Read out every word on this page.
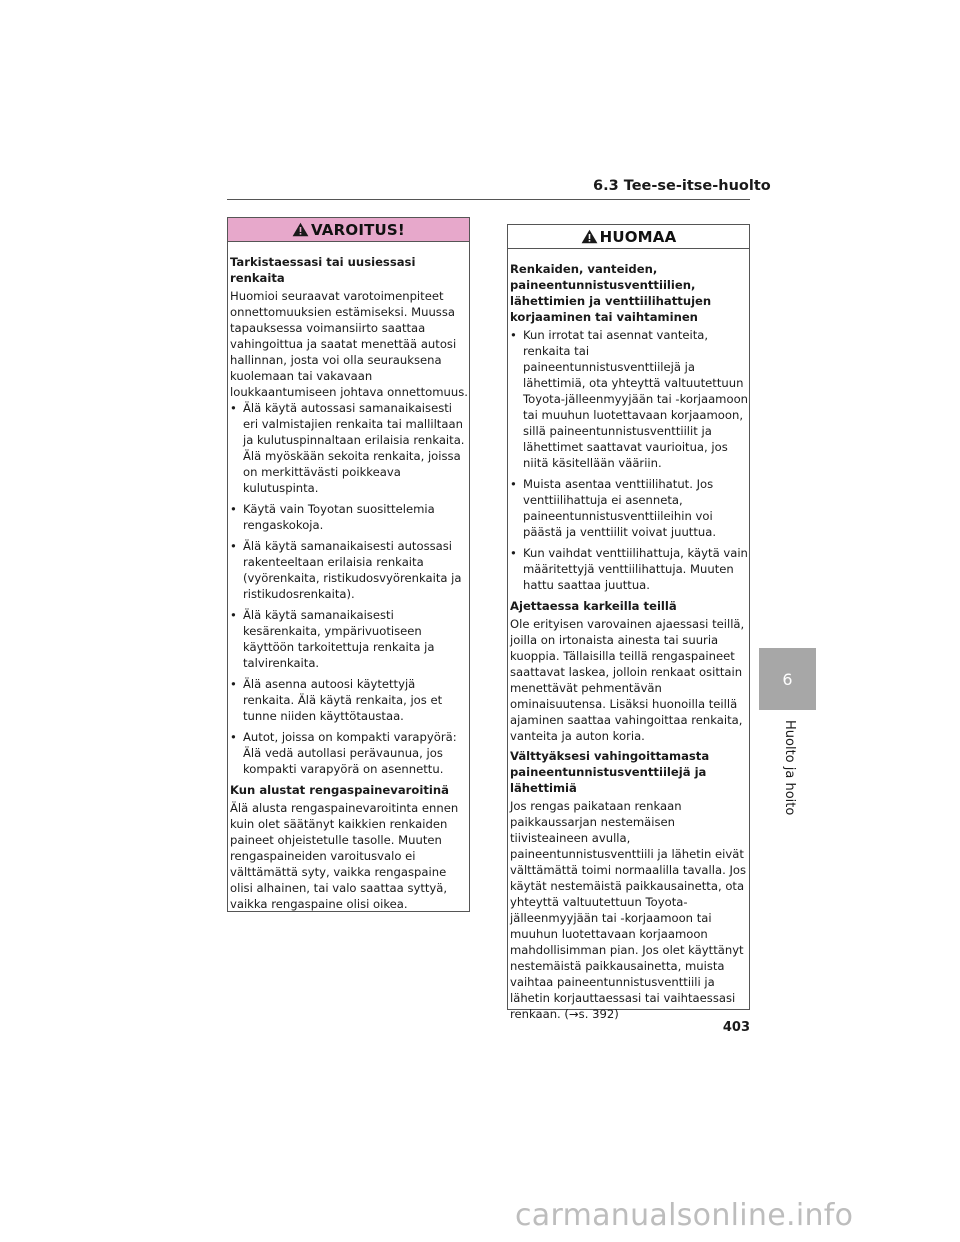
6.3 Tee-se-itse-huolto
VAROITUS!
Tarkistaessasi tai uusiessasi renkaita
Huomioi seuraavat varotoimenpiteet onnettomuuksien estämiseksi. Muussa tapauksessa voimansiirto saattaa vahingoittua ja saatat menettää autosi hallinnan, josta voi olla seurauksena kuolemaan tai vakavaan loukkaantumiseen johtava onnettomuus.
• Älä käytä autossasi samanaikaisesti eri valmistajien renkaita tai malliltaan ja kulutuspinnaltaan erilaisia renkaita. Älä myöskään sekoita renkaita, joissa on merkittävästi poikkeava kulutuspinta.
• Käytä vain Toyotan suosittelemia rengaskokoja.
• Älä käytä samanaikaisesti autossasi rakenteeltaan erilaisia renkaita (vyörenkaita, ristikudosvyörenkaita ja ristikudosrenkaita).
• Älä käytä samanaikaisesti kesärenkaita, ympärivuotiseen käyttöön tarkoitettuja renkaita ja talvirenkaita.
• Älä asenna autoosi käytettyjä renkaita. Älä käytä renkaita, jos et tunne niiden käyttötaustaa.
• Autot, joissa on kompakti varapyörä: Älä vedä autollasi perävaunua, jos kompakti varapyörä on asennettu.
Kun alustat rengaspainevaroitinä
Älä alusta rengaspainevaroitinta ennen kuin olet säätänyt kaikkien renkaiden paineet ohjeistetulle tasolle. Muuten rengaspaineiden varoitusvalo ei välttämättä syty, vaikka rengaspaine olisi alhainen, tai valo saattaa syttyä, vaikka rengaspaine olisi oikea.
HUOMAA
Renkaiden, vanteiden, paineentunnistusventtiilien, lähettimien ja venttiilihattujen korjaaminen tai vaihtaminen
• Kun irrotat tai asennat vanteita, renkaita tai paineentunnistusventtiilejä ja lähettimiä, ota yhteyttä valtuutettuun Toyota-jälleenmyyjään tai -korjaamoon tai muuhun luotettavaan korjaamoon, sillä paineentunnistusventtiilit ja lähettimet saattavat vaurioitua, jos niitä käsitellään vääriin.
• Muista asentaa venttiilihatut. Jos venttiilihattuja ei asenneta, paineentunnistusventtiileihin voi päästä ja venttiilit voivat juuttua.
• Kun vaihdat venttiilihattuja, käytä vain määritettyjä venttiilihattuja. Muuten hattu saattaa juuttua.
Ajettaessa karkeilla teillä
Ole erityisen varovainen ajaessasi teillä, joilla on irtonaista ainesta tai suuria kuoppia. Tällaisilla teillä rengaspaineet saattavat laskea, jolloin renkaat osittain menettävät pehmentävän ominaisuutensa. Lisäksi huonoilla teillä ajaminen saattaa vahingoittaa renkaita, vanteita ja auton koria.
Välttyäksesi vahingoittamasta paineentunnistusventtiilejä ja lähettimiä
Jos rengas paikataan renkaan paikkaussarjan nestemäisen tiivisteaineen avulla, paineentunnistusventtiili ja lähetin eivät välttämättä toimi normaalilla tavalla. Jos käytät nestemäistä paikkausainetta, ota yhteyttä valtuutettuun Toyota-jälleenmyyjään tai -korjaamoon tai muuhun luotettavaan korjaamoon mahdollisimman pian. Jos olet käyttänyt nestemäistä paikkausainetta, muista vaihtaa paineentunnistusventtiili ja lähetin korjauttaessasi tai vaihtaessasi renkaan. (→s. 392)
6
Huolto ja hoito
403
carmanualsonline.info
